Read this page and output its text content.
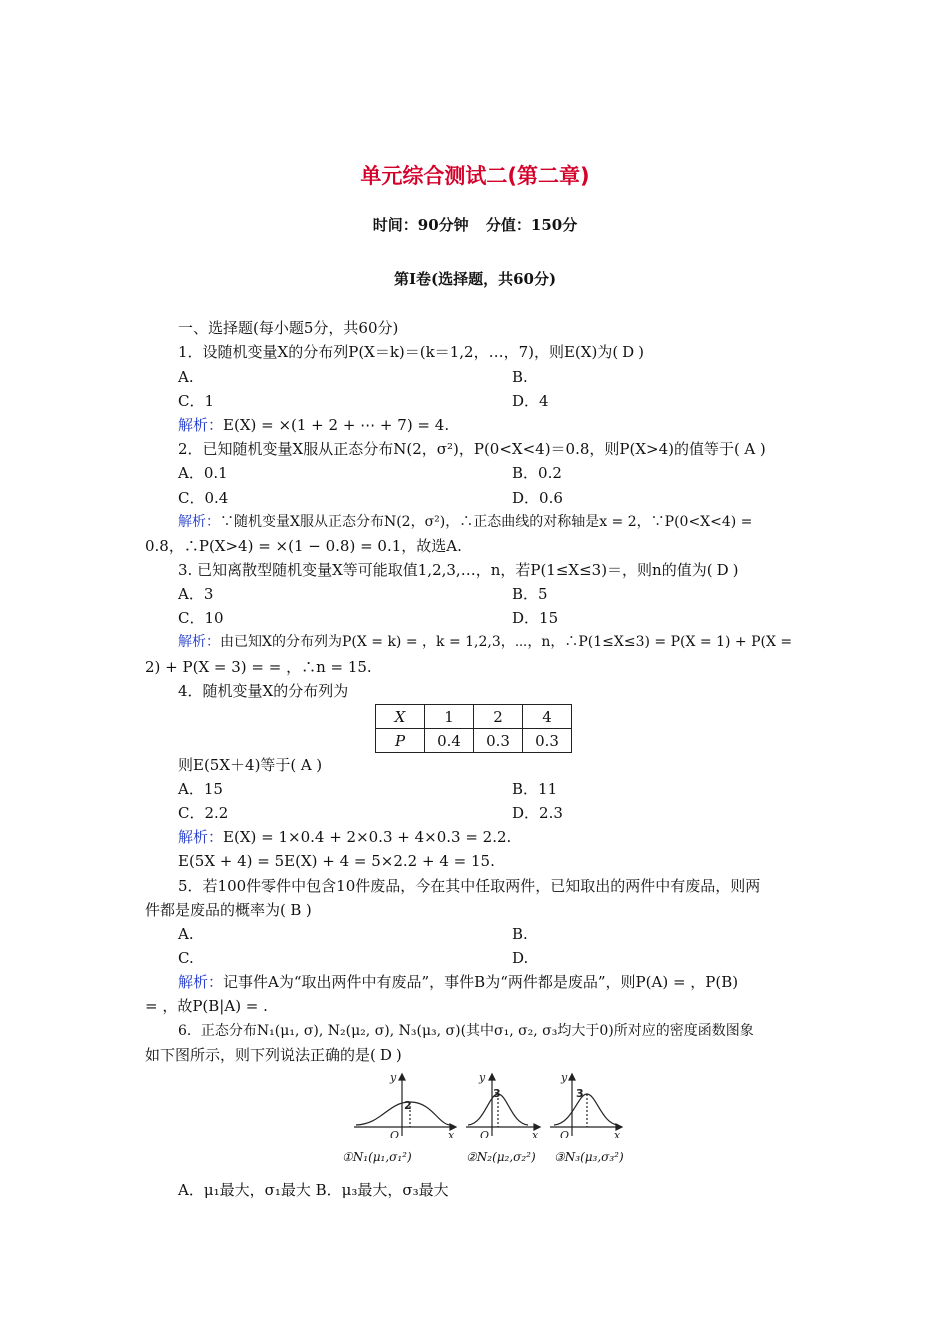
单元综合测试二(第二章)
时间：90分钟 分值：150分
第Ⅰ卷(选择题，共60分)
一、选择题(每小题5分，共60分)
1．设随机变量X的分布列P(X＝k)＝(k＝1,2，…，7)，则E(X)为( D )
A.	B.
C．1	D．4
解析：E(X) = ×(1 + 2 + ⋯ + 7) = 4.
2．已知随机变量X服从正态分布N(2，σ²)，P(0<X<4)＝0.8，则P(X>4)的值等于( A )
A．0.1	B．0.2
C．0.4	D．0.6
解析：∵随机变量X服从正态分布N(2，σ²)，∴正态曲线的对称轴是x = 2，∵P(0<X<4) =
0.8，∴P(X>4) = ×(1 − 0.8) = 0.1，故选A.
3. 已知离散型随机变量X等可能取值1,2,3,…，n，若P(1≤X≤3)＝，则n的值为( D )
A．3	B．5
C．10	D．15
解析：由已知X的分布列为P(X = k) = ，k = 1,2,3，⋯，n，∴P(1≤X≤3) = P(X = 1) + P(X =
2) + P(X = 3) = = ，∴n = 15.
4．随机变量X的分布列为
X	1	2	4
P	0.4	0.3	0.3
则E(5X＋4)等于( A )
A．15	B．11
C．2.2	D．2.3
解析：E(X) = 1×0.4 + 2×0.3 + 4×0.3 = 2.2.
E(5X + 4) = 5E(X) + 4 = 5×2.2 + 4 = 15.
5．若100件零件中包含10件废品，今在其中任取两件，已知取出的两件中有废品，则两
件都是废品的概率为( B )
A.	B.
C.	D.
解析：记事件A为“取出两件中有废品”，事件B为“两件都是废品”，则P(A) = ，P(B)
= ，故P(B|A) = .
6．正态分布N₁(μ₁, σ), N₂(μ₂, σ), N₃(μ₃, σ)(其中σ₁, σ₂, σ₃均大于0)所对应的密度函数图象
如下图所示，则下列说法正确的是( D )
y
x
O
y
x
O
y
x
O
2
3	3
①N₁(μ₁,σ₁²)	②N₂(μ₂,σ₂²) ③N₃(μ₃,σ₃²)
A．μ₁最大，σ₁最大 B．μ₃最大，σ₃最大
